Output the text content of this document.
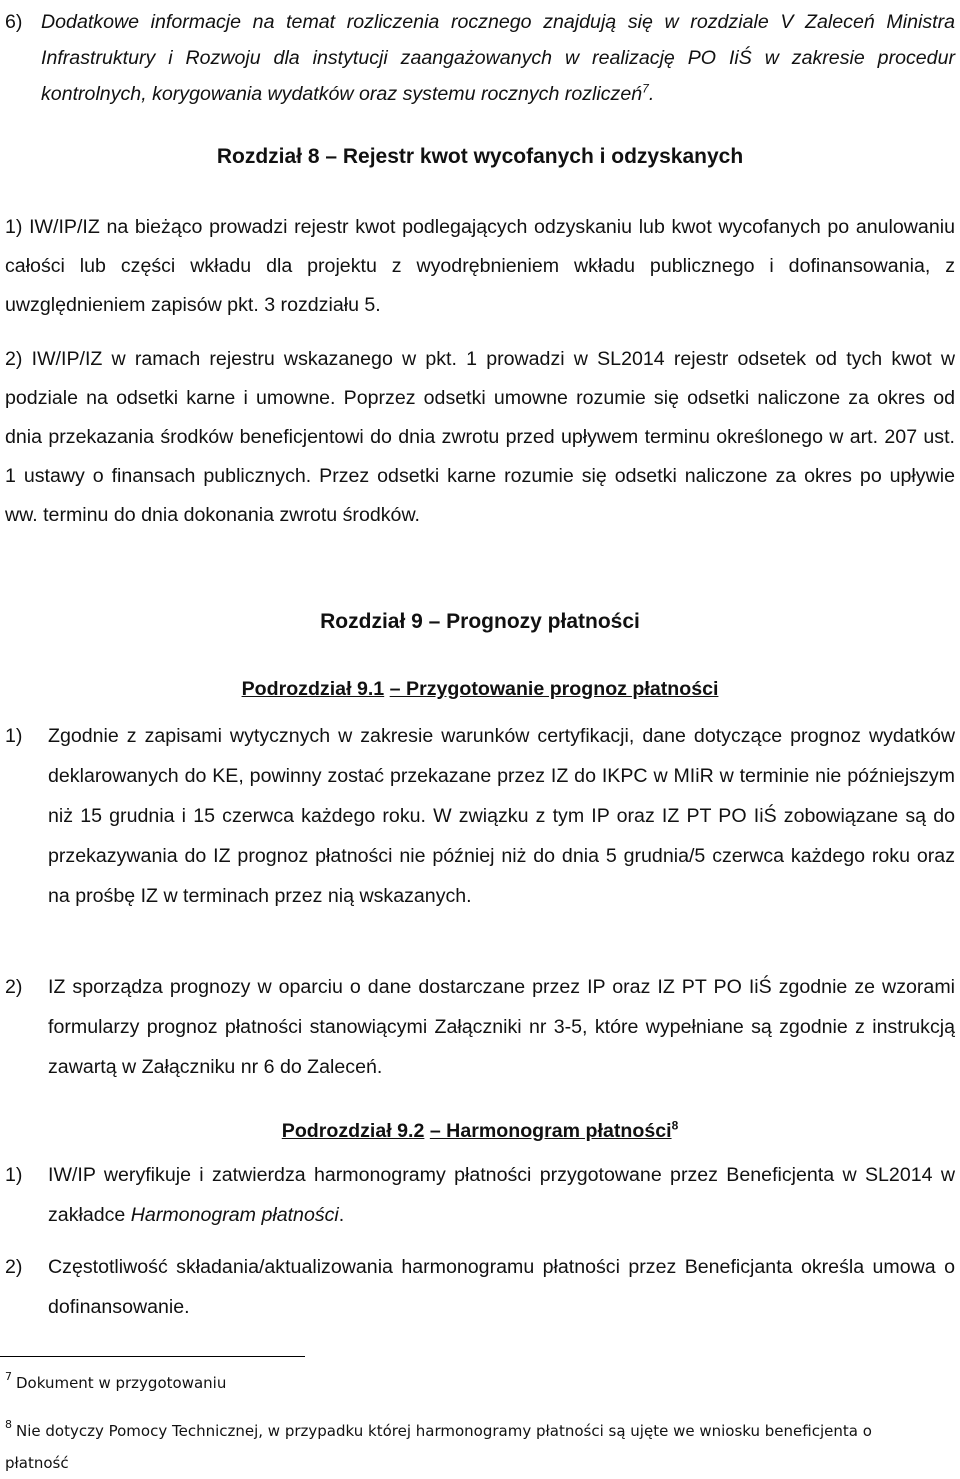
6) Dodatkowe informacje na temat rozliczenia rocznego znajdują się w rozdziale V Zaleceń Ministra Infrastruktury i Rozwoju dla instytucji zaangażowanych w realizację PO IiŚ w zakresie procedur kontrolnych, korygowania wydatków oraz systemu rocznych rozliczeń$^7$.
Rozdział 8 – Rejestr kwot wycofanych i odzyskanych
1) IW/IP/IZ na bieżąco prowadzi rejestr kwot podlegających odzyskaniu lub kwot wycofanych po anulowaniu całości lub części wkładu dla projektu z wyodrębnieniem wkładu publicznego i dofinansowania, z uwzględnieniem zapisów pkt. 3 rozdziału 5.
2) IW/IP/IZ w ramach rejestru wskazanego w pkt. 1 prowadzi w SL2014 rejestr odsetek od tych kwot w podziale na odsetki karne i umowne. Poprzez odsetki umowne rozumie się odsetki naliczone za okres od dnia przekazania środków beneficjentowi do dnia zwrotu przed upływem terminu określonego w art. 207 ust. 1 ustawy o finansach publicznych. Przez odsetki karne rozumie się odsetki naliczone za okres po upływie ww. terminu do dnia dokonania zwrotu środków.
Rozdział 9 – Prognozy płatności
Podrozdział 9.1 – Przygotowanie prognoz płatności
1) Zgodnie z zapisami wytycznych w zakresie warunków certyfikacji, dane dotyczące prognoz wydatków deklarowanych do KE, powinny zostać przekazane przez IZ do IKPC w MIiR w terminie nie późniejszym niż 15 grudnia i 15 czerwca każdego roku. W związku z tym IP oraz IZ PT PO IiŚ zobowiązane są do przekazywania do IZ prognoz płatności nie później niż do dnia 5 grudnia/5 czerwca każdego roku oraz na prośbę IZ w terminach przez nią wskazanych.
2) IZ sporządza prognozy w oparciu o dane dostarczane przez IP oraz IZ PT PO IiŚ zgodnie ze wzorami formularzy prognoz płatności stanowiącymi Załączniki nr 3-5, które wypełniane są zgodnie z instrukcją zawartą w Załączniku nr 6 do Zaleceń.
Podrozdział 9.2 – Harmonogram płatności$^8$
1) IW/IP weryfikuje i zatwierdza harmonogramy płatności przygotowane przez Beneficjenta w SL2014 w zakładce Harmonogram płatności.
2) Częstotliwość składania/aktualizowania harmonogramu płatności przez Beneficjanta określa umowa o dofinansowanie.
$^7$ Dokument w przygotowaniu
$^8$ Nie dotyczy Pomocy Technicznej, w przypadku której harmonogramy płatności są ujęte we wniosku beneficjenta o płatność
